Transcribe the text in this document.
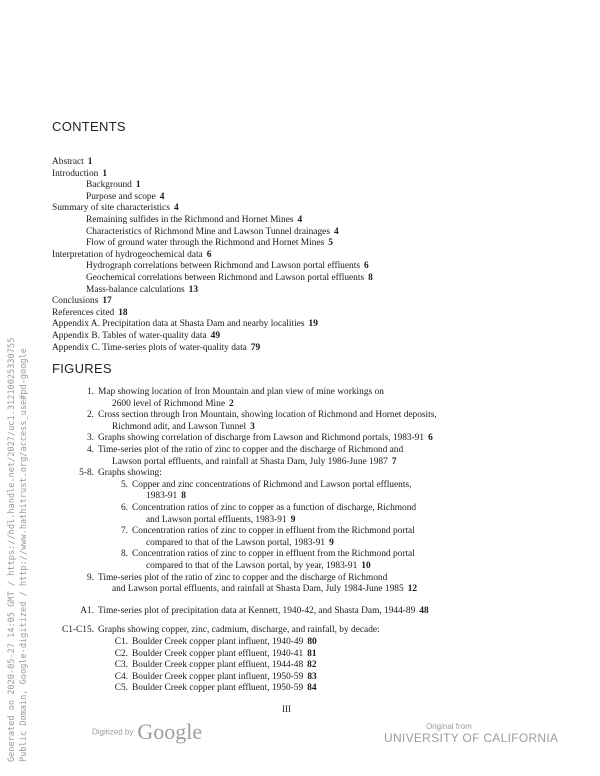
CONTENTS
Abstract 1
Introduction 1
Background 1
Purpose and scope 4
Summary of site characteristics 4
Remaining sulfides in the Richmond and Hornet Mines 4
Characteristics of Richmond Mine and Lawson Tunnel drainages 4
Flow of ground water through the Richmond and Hornet Mines 5
Interpretation of hydrogeochemical data 6
Hydrograph correlations between Richmond and Lawson portal effluents 6
Geochemical correlations between Richmond and Lawson portal effluents 8
Mass-balance calculations 13
Conclusions 17
References cited 18
Appendix A. Precipitation data at Shasta Dam and nearby localities 19
Appendix B. Tables of water-quality data 49
Appendix C. Time-series plots of water-quality data 79
FIGURES
1. Map showing location of Iron Mountain and plan view of mine workings on
2600 level of Richmond Mine 2
2. Cross section through Iron Mountain, showing location of Richmond and Hornet deposits,
Richmond adit, and Lawson Tunnel 3
3. Graphs showing correlation of discharge from Lawson and Richmond portals, 1983-91 6
4. Time-series plot of the ratio of zinc to copper and the discharge of Richmond and
Lawson portal effluents, and rainfall at Shasta Dam, July 1986-June 1987 7
5-8. Graphs showing:
5. Copper and zinc concentrations of Richmond and Lawson portal effluents,
1983-91 8
6. Concentration ratios of zinc to copper as a function of discharge, Richmond
and Lawson portal effluents, 1983-91 9
7. Concentration ratios of zinc to copper in effluent from the Richmond portal
compared to that of the Lawson portal, 1983-91 9
8. Concentration ratios of zinc to copper in effluent from the Richmond portal
compared to that of the Lawson portal, by year, 1983-91 10
9. Time-series plot of the ratio of zinc to copper and the discharge of Richmond
and Lawson portal effluents, and rainfall at Shasta Dam, July 1984-June 1985 12
A1. Time-series plot of precipitation data at Kennett, 1940-42, and Shasta Dam, 1944-89 48
C1-C15. Graphs showing copper, zinc, cadmium, discharge, and rainfall, by decade:
C1. Boulder Creek copper plant influent, 1940-49 80
C2. Boulder Creek copper plant effluent, 1940-41 81
C3. Boulder Creek copper plant effluent, 1944-48 82
C4. Boulder Creek copper plant influent, 1950-59 83
C5. Boulder Creek copper plant effluent, 1950-59 84
Generated on 2020-05-27 14:05 GMT / https://hdl.handle.net/2027/uc1.31210025330755 Public Domain, Google-digitized / http://www.hathitrust.org/access_use#pd-google	III
Digitized by Google	Original from
UNIVERSITY OF CALIFORNIA
